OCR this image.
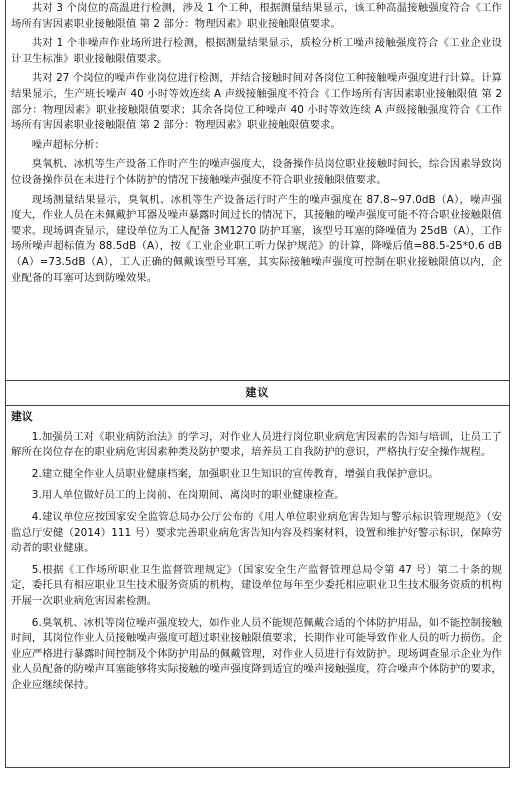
共对 3 个岗位的高温进行检测，涉及 1 个工种，根据测量结果显示，该工种高温接触强度符合《工作场所有害因素职业接触限值 第 2 部分：物理因素》职业接触限值要求。

共对 1 个非噪声作业场所进行检测，根据测量结果显示，质检分析工噪声接触强度符合《工业企业设计卫生标准》职业接触限值要求。

共对 27 个岗位的噪声作业岗位进行检测，并结合接触时间对各岗位工种接触噪声强度进行计算。计算结果显示，生产班长噪声 40 小时等效连续 A 声级接触强度不符合《工作场所有害因素职业接触限值 第 2 部分：物理因素》职业接触限值要求；其余各岗位工种噪声 40 小时等效连续 A 声级接触强度符合《工作场所有害因素职业接触限值 第 2 部分：物理因素》职业接触限值要求。

噪声超标分析：

臭氧机、冰机等生产设备工作时产生的噪声强度大，设备操作员岗位职业接触时间长，综合因素导致岗位设备操作员在未进行个体防护的情况下接触噪声强度不符合职业接触限值要求。

现场测量结果显示，臭氧机、冰机等生产设备运行时产生的噪声强度在 87.8~97.0dB（A），噪声强度大，作业人员在未佩戴护耳器及噪声暴露时间过长的情况下，其接触的噪声强度可能不符合职业接触限值要求。现场调查显示，建设单位为工人配备 3M1270 防护耳塞，该型号耳塞的降噪值为 25dB（A），工作场所噪声超标值为 88.5dB（A），按《工业企业职工听力保护规范》的计算，降噪后值=88.5-25*0.6 dB（A）=73.5dB（A），工人正确的佩戴该型号耳塞，其实际接触噪声强度可控制在职业接触限值以内，企业配备的耳塞可达到防噪效果。

建议
建议

1.加强员工对《职业病防治法》的学习，对作业人员进行岗位职业病危害因素的告知与培训，让员工了解所在岗位存在的职业病危害因素种类及防护要求，培养员工自我防护的意识，严格执行安全操作规程。

2.建立健全作业人员职业健康档案，加强职业卫生知识的宣传教育，增强自我保护意识。

3.用人单位做好员工的上岗前、在岗期间、离岗时的职业健康检查。

4.建议单位应按国家安全监管总局办公厅公布的《用人单位职业病危害告知与警示标识管理规范》（安监总厅安健（2014）111 号）要求完善职业病危害告知内容及档案材料，设置和维护好警示标识，保障劳动者的职业健康。

5.根据《工作场所职业卫生监督管理规定》（国家安全生产监督管理总局令第 47 号）第二十条的规定，委托具有相应职业卫生技术服务资质的机构，建设单位每年至少委托相应职业卫生技术服务资质的机构开展一次职业病危害因素检测。

6.臭氧机、冰机等岗位噪声强度较大，如作业人员不能规范佩戴合适的个体防护用品，如不能控制接触时间，其岗位作业人员接触噪声强度可超过职业接触限值要求，长期作业可能导致作业人员的听力损伤。企业应严格进行暴露时间控制及个体防护用品的佩戴管理，对作业人员进行有效防护。现场调查显示企业为作业人员配备的防噪声耳塞能够将实际接触的噪声强度降到适宜的噪声接触强度，符合噪声个体防护的要求，企业应继续保持。
